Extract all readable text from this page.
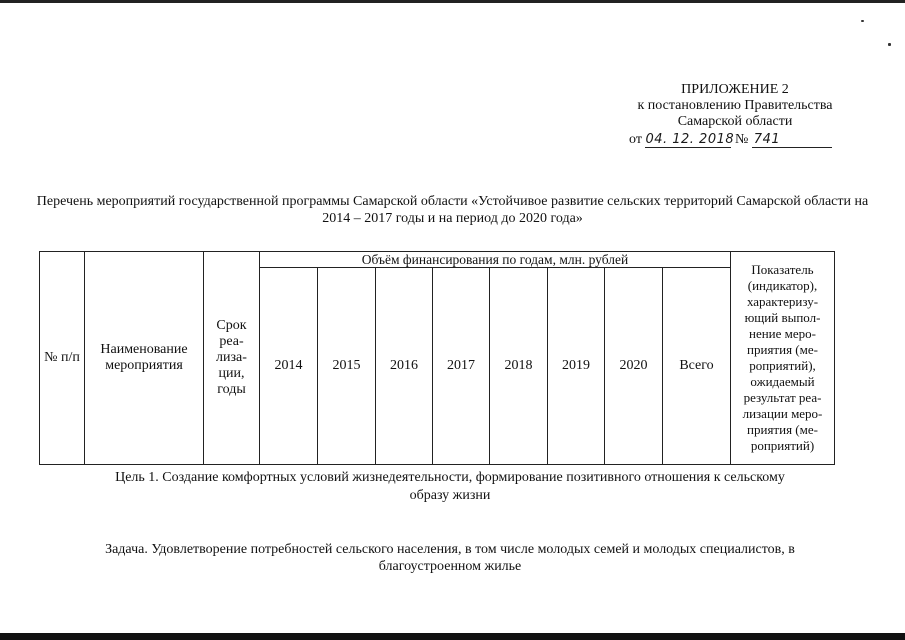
ПРИЛОЖЕНИЕ 2
к постановлению Правительства
Самарской области
от 04. 12. 2018 № 741
Перечень мероприятий государственной программы Самарской области «Устойчивое развитие сельских территорий Самарской области на 2014 – 2017 годы и на период до 2020 года»
№ п/п	Наименование мероприятия	Срок реа- лиза- ции, годы	Объём финансирования по годам, млн. рублей								Показатель (индикатор), характеризу- ющий выпол- нение меро- приятия (ме- роприятий), ожидаемый результат реа- лизации меро- приятия (ме- роприятий)
			2014	2015	2016	2017	2018	2019	2020	Всего	
Цель 1. Создание комфортных условий жизнедеятельности, формирование позитивного отношения к сельскому образу жизни
Задача. Удовлетворение потребностей сельского населения, в том числе молодых семей и молодых специалистов, в благоустроенном жилье
